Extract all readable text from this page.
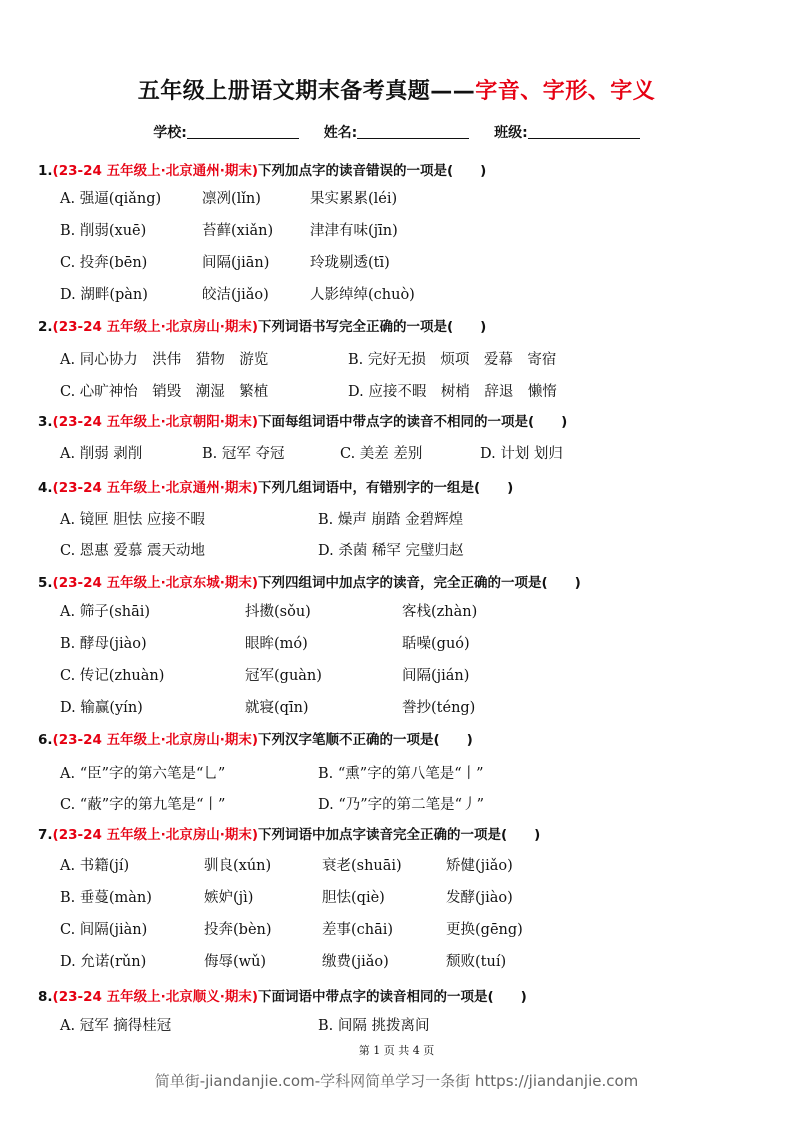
五年级上册语文期末备考真题——字音、字形、字义
学校:	姓名:	班级:
1.(23-24 五年级上·北京通州·期末)下列加点字的读音错误的一项是(　　)
A. 强逼(qiǎng)	凛冽(lǐn)	果实累累(léi)
B. 削弱(xuē)	苔藓(xiǎn)	津津有味(jīn)
C. 投奔(bēn)	间隔(jiān)	玲珑剔透(tī)
D. 湖畔(pàn)	皎洁(jiǎo)	人影绰绰(chuò)
2.(23-24 五年级上·北京房山·期末)下列词语书写完全正确的一项是(　　)
A. 同心协力　洪伟　猎物　游览	B. 完好无损　烦项　爱幕　寄宿
C. 心旷神怡　销毁　潮湿　繁植	D. 应接不暇　树梢　辞退　懒惰
3.(23-24 五年级上·北京朝阳·期末)下面每组词语中带点字的读音不相同的一项是(　　)
A. 削弱 剥削	B. 冠军 夺冠	C. 美差 差别	D. 计划 划归
4.(23-24 五年级上·北京通州·期末)下列几组词语中，有错别字的一组是(　　)
A. 镜匣 胆怯 应接不暇	B. 燥声 崩踏 金碧辉煌
C. 恩惠 爱慕 震天动地	D. 杀菌 稀罕 完璧归赵
5.(23-24 五年级上·北京东城·期末)下列四组词中加点字的读音，完全正确的一项是(　　)
A. 筛子(shāi)	抖擞(sǒu)	客栈(zhàn)
B. 酵母(jiào)	眼眸(mó)	聒噪(guó)
C. 传记(zhuàn)	冠军(guàn)	间隔(jián)
D. 输赢(yín)	就寝(qīn)	誊抄(téng)
6.(23-24 五年级上·北京房山·期末)下列汉字笔顺不正确的一项是(　　)
A. “臣”字的第六笔是“乚”	B. “熏”字的第八笔是“丨”
C. “蔽”字的第九笔是“丨”	D. “乃”字的第二笔是“丿”
7.(23-24 五年级上·北京房山·期末)下列词语中加点字读音完全正确的一项是(　　)
A. 书籍(jí)	驯良(xún)	衰老(shuāi)	矫健(jiǎo)
B. 垂蔓(màn)	嫉妒(jì)	胆怯(qiè)	发酵(jiào)
C. 间隔(jiàn)	投奔(bèn)	差事(chāi)	更换(gēng)
D. 允诺(rǔn)	侮辱(wǔ)	缴费(jiǎo)	颓败(tuí)
8.(23-24 五年级上·北京顺义·期末)下面词语中带点字的读音相同的一项是(　　)
A. 冠军 摘得桂冠	B. 间隔 挑拨离间
第 1 页 共 4 页
简单街-jiandanjie.com-学科网简单学习一条街 https://jiandanjie.com
